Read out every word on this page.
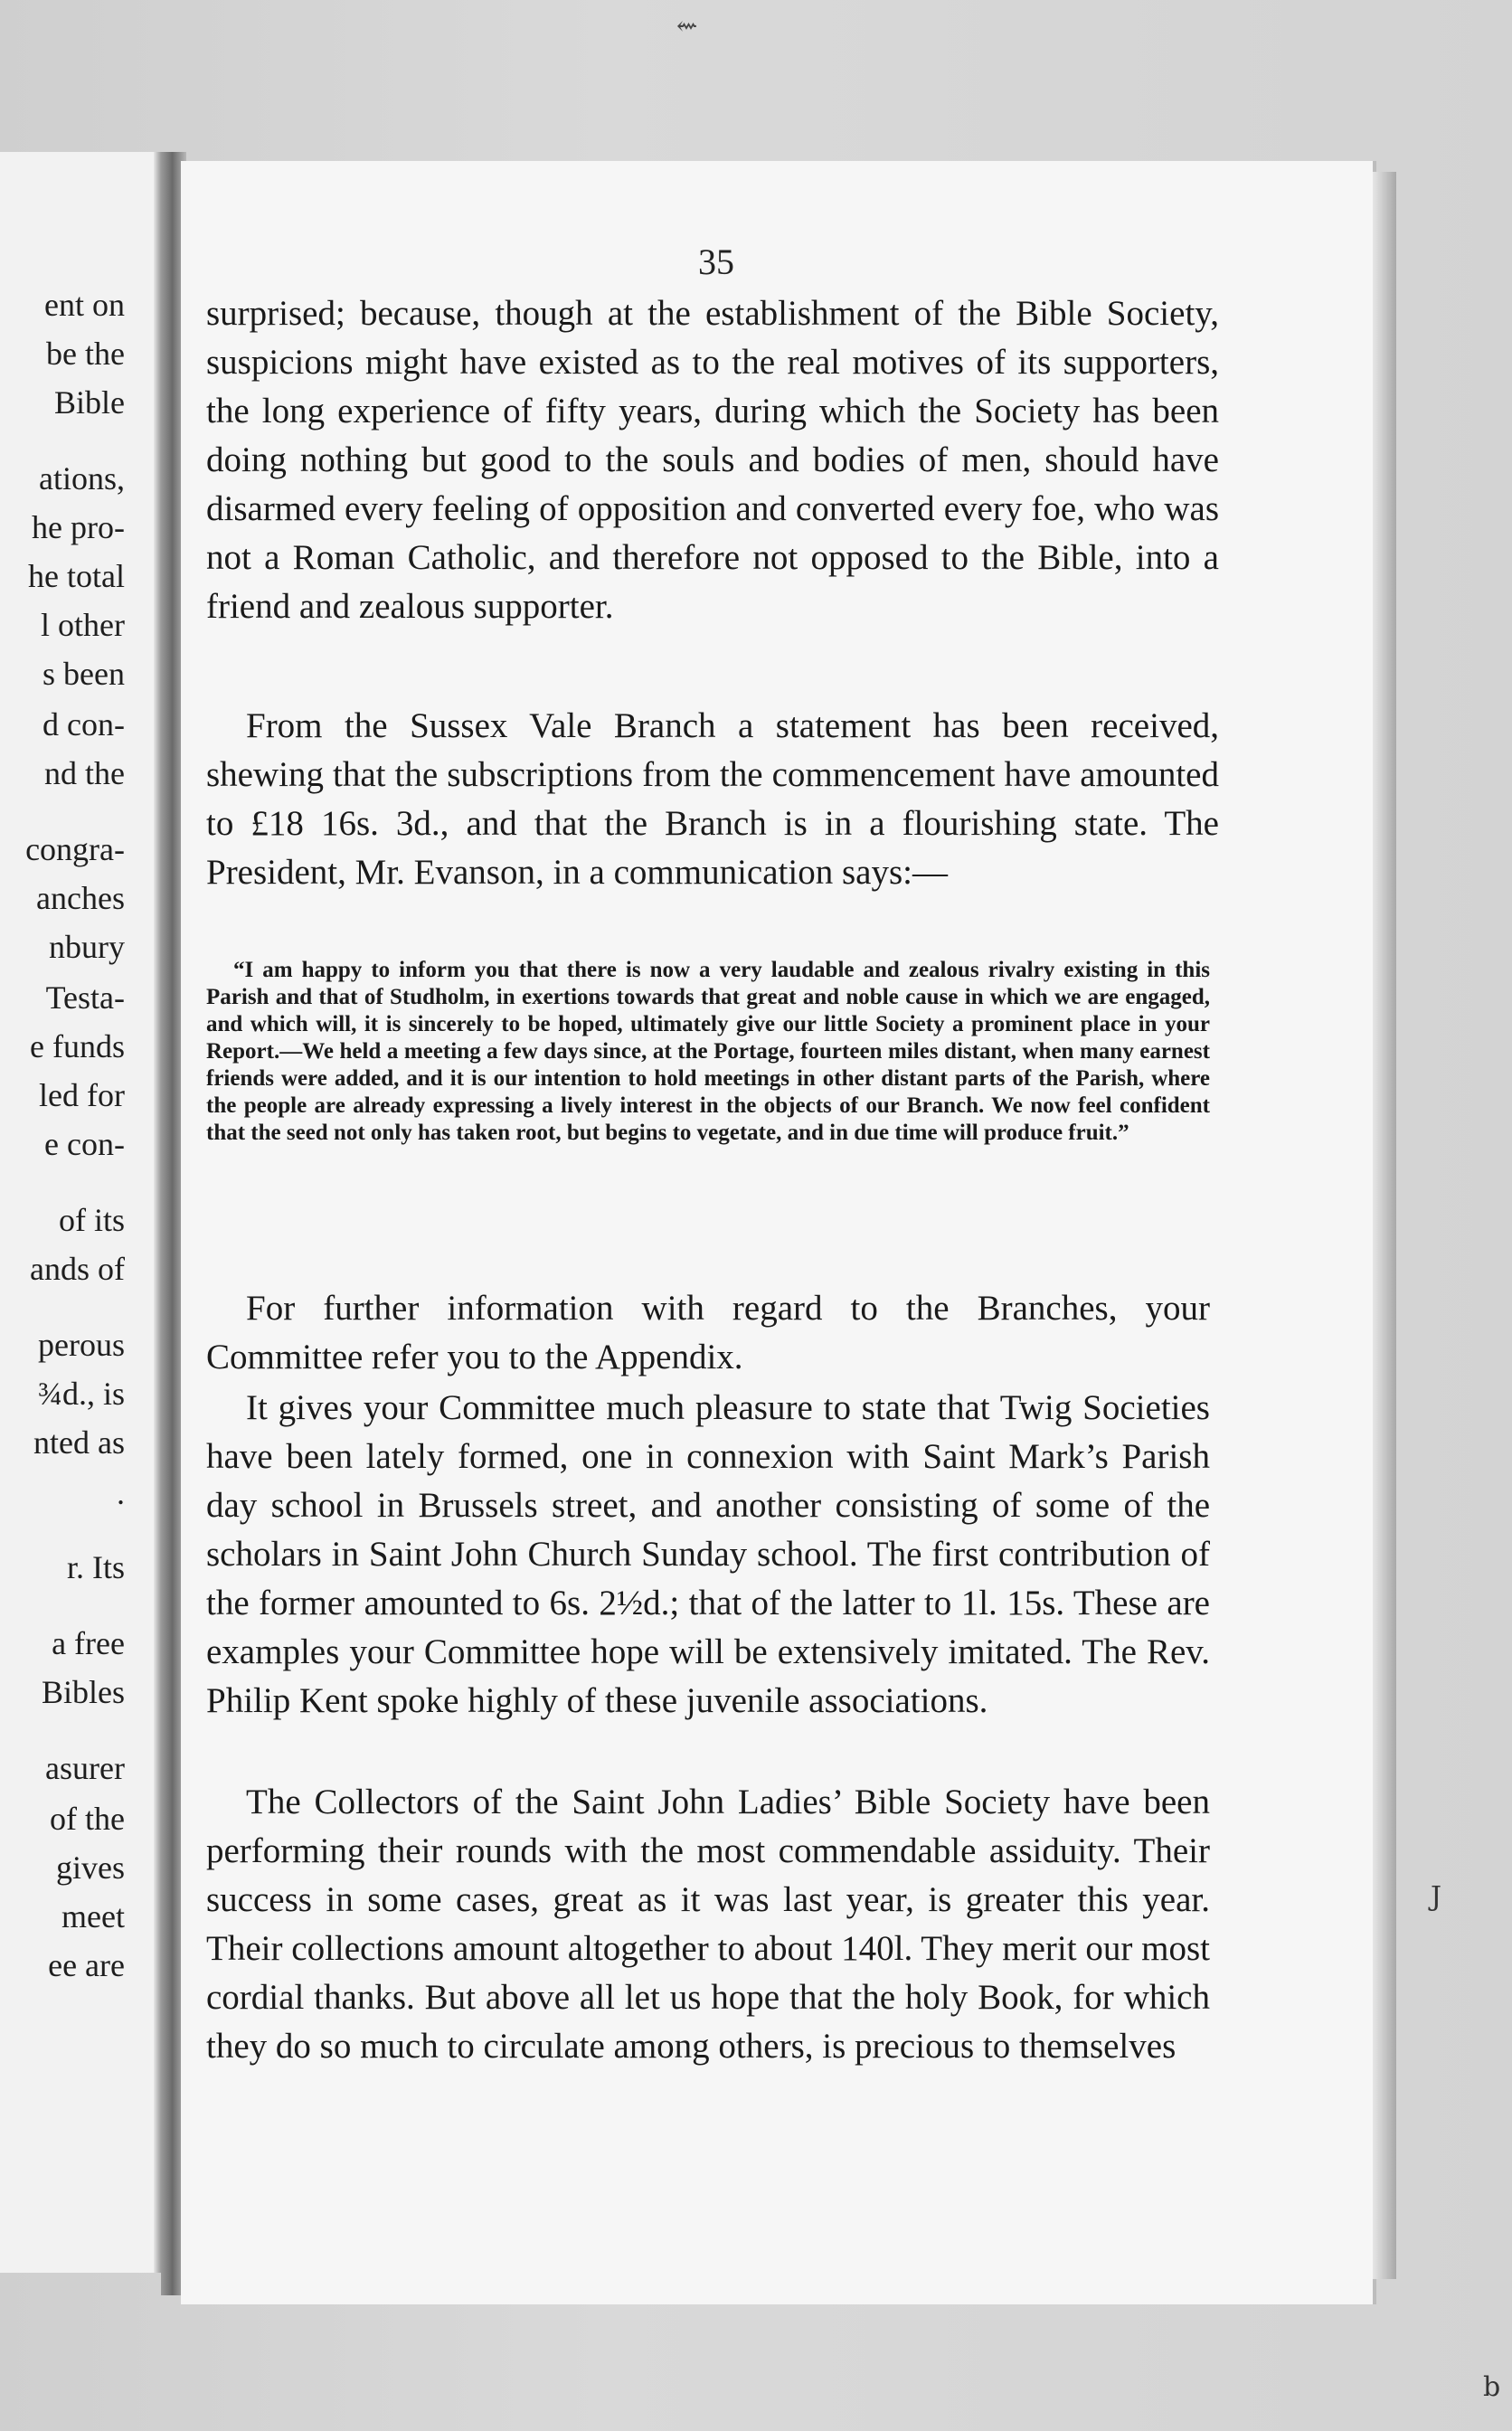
⇜
ent on
be the
Bible
ations,
he pro-
he total
l other
s been
d con-
nd the
congra-
anches
nbury
Testa-
e funds
led for
e con-
of its
ands of
perous
¾d., is
nted as
.
r. Its
a free
Bibles
asurer
of the
gives
meet
ee are
35

surprised; because, though at the establishment of the Bible Society, suspicions might have existed as to the real motives of its supporters, the long experience of fifty years, during which the Society has been doing nothing but good to the souls and bodies of men, should have disarmed every feeling of opposition and converted every foe, who was not a Roman Catholic, and therefore not opposed to the Bible, into a friend and zealous supporter.

From the Sussex Vale Branch a statement has been received, shewing that the subscriptions from the commencement have amounted to £18 16s. 3d., and that the Branch is in a flourishing state. The President, Mr. Evanson, in a communication says:—

“I am happy to inform you that there is now a very laudable and zealous rivalry existing in this Parish and that of Studholm, in exertions towards that great and noble cause in which we are engaged, and which will, it is sincerely to be hoped, ultimately give our little Society a prominent place in your Report.—We held a meeting a few days since, at the Portage, fourteen miles distant, when many earnest friends were added, and it is our intention to hold meetings in other distant parts of the Parish, where the people are already expressing a lively interest in the objects of our Branch. We now feel confident that the seed not only has taken root, but begins to vegetate, and in due time will produce fruit.”

For further information with regard to the Branches, your Committee refer you to the Appendix.

It gives your Committee much pleasure to state that Twig Societies have been lately formed, one in connexion with Saint Mark’s Parish day school in Brussels street, and another consisting of some of the scholars in Saint John Church Sunday school. The first contribution of the former amounted to 6s. 2½d.; that of the latter to 1l. 15s. These are examples your Committee hope will be extensively imitated. The Rev. Philip Kent spoke highly of these juvenile associations.

The Collectors of the Saint John Ladies’ Bible Society have been performing their rounds with the most commendable assiduity. Their success in some cases, great as it was last year, is greater this year. Their collections amount altogether to about 140l. They merit our most cordial thanks. But above all let us hope that the holy Book, for which they do so much to circulate among others, is precious to themselves

J
b
